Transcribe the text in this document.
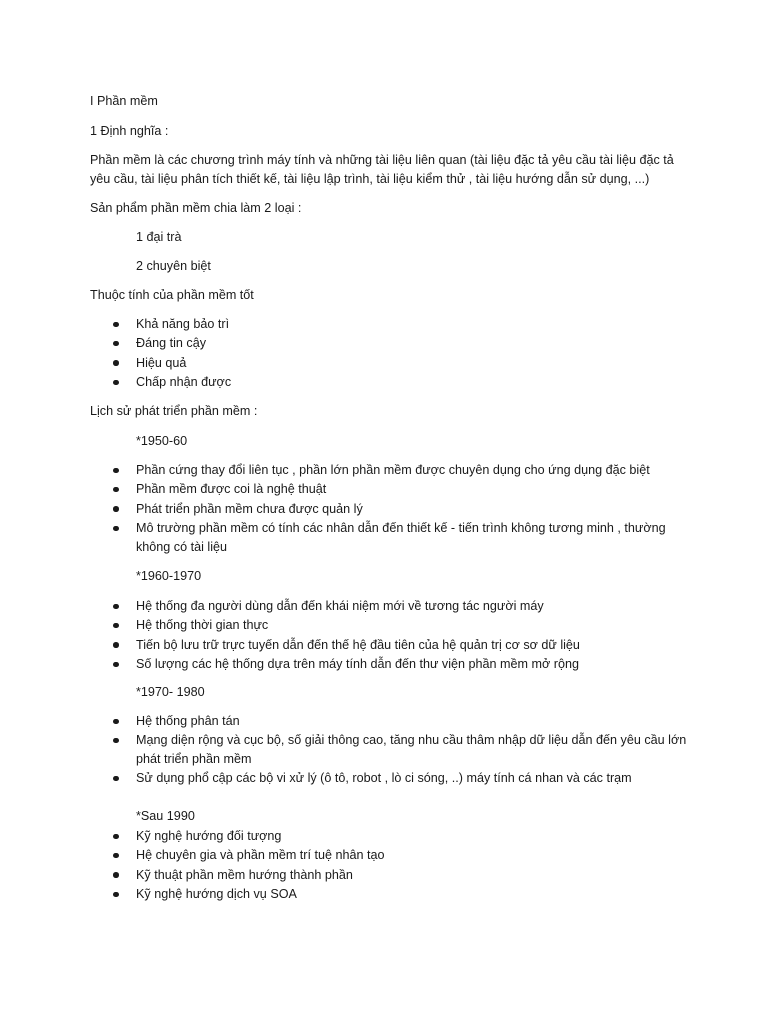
I Phần mềm

1 Định nghĩa :

Phần mềm là các chương trình máy tính và những tài liệu liên quan (tài liệu đặc tả yêu cầu tài liệu đặc tả yêu cầu, tài liệu phân tích thiết kế, tài liệu lập trình, tài liệu kiểm thử , tài liệu hướng dẫn sử dụng, ...)

Sản phẩm phần mềm chia làm 2 loại :

1 đại trà

2 chuyên biệt

Thuộc tính của phần mềm tốt

Khả năng bảo trì
Đáng tin cậy
Hiệu quả
Chấp nhận được

Lịch sử phát triển phần mềm :

*1950-60

Phần cứng thay đổi liên tục , phần lớn phần mềm được chuyên dụng cho ứng dụng đặc biệt
Phần mềm được coi là nghệ thuật
Phát triển phần mềm chưa được quản lý
Mô trường phần mềm có tính các nhân dẫn đến thiết kế - tiến trình không tương minh , thường không có tài liệu

*1960-1970

Hệ thống đa người dùng dẫn đến khái niệm mới về tương tác người máy
Hệ thống thời gian thực
Tiến bộ lưu trữ trực tuyến dẫn đến thế hệ đầu tiên của hệ quản trị cơ sơ dữ liệu
Số lượng các hệ thống dựa trên máy tính dẫn đến thư viện phần mềm mở rộng

*1970- 1980

Hệ thống phân tán
Mạng diện rộng và cục bộ, số giải thông cao, tăng nhu cầu thâm nhập dữ liệu dẫn đến yêu cầu lớn phát triển phần mềm
Sử dụng phổ cập các bộ vi xử lý (ô tô, robot , lò ci sóng, ..) máy tính cá nhan và các trạm

*Sau 1990

Kỹ nghệ hướng đối tượng
Hệ chuyên gia và phần mềm trí tuệ nhân tạo
Kỹ thuật phần mềm hướng thành phần
Kỹ nghệ hướng dịch vụ SOA
